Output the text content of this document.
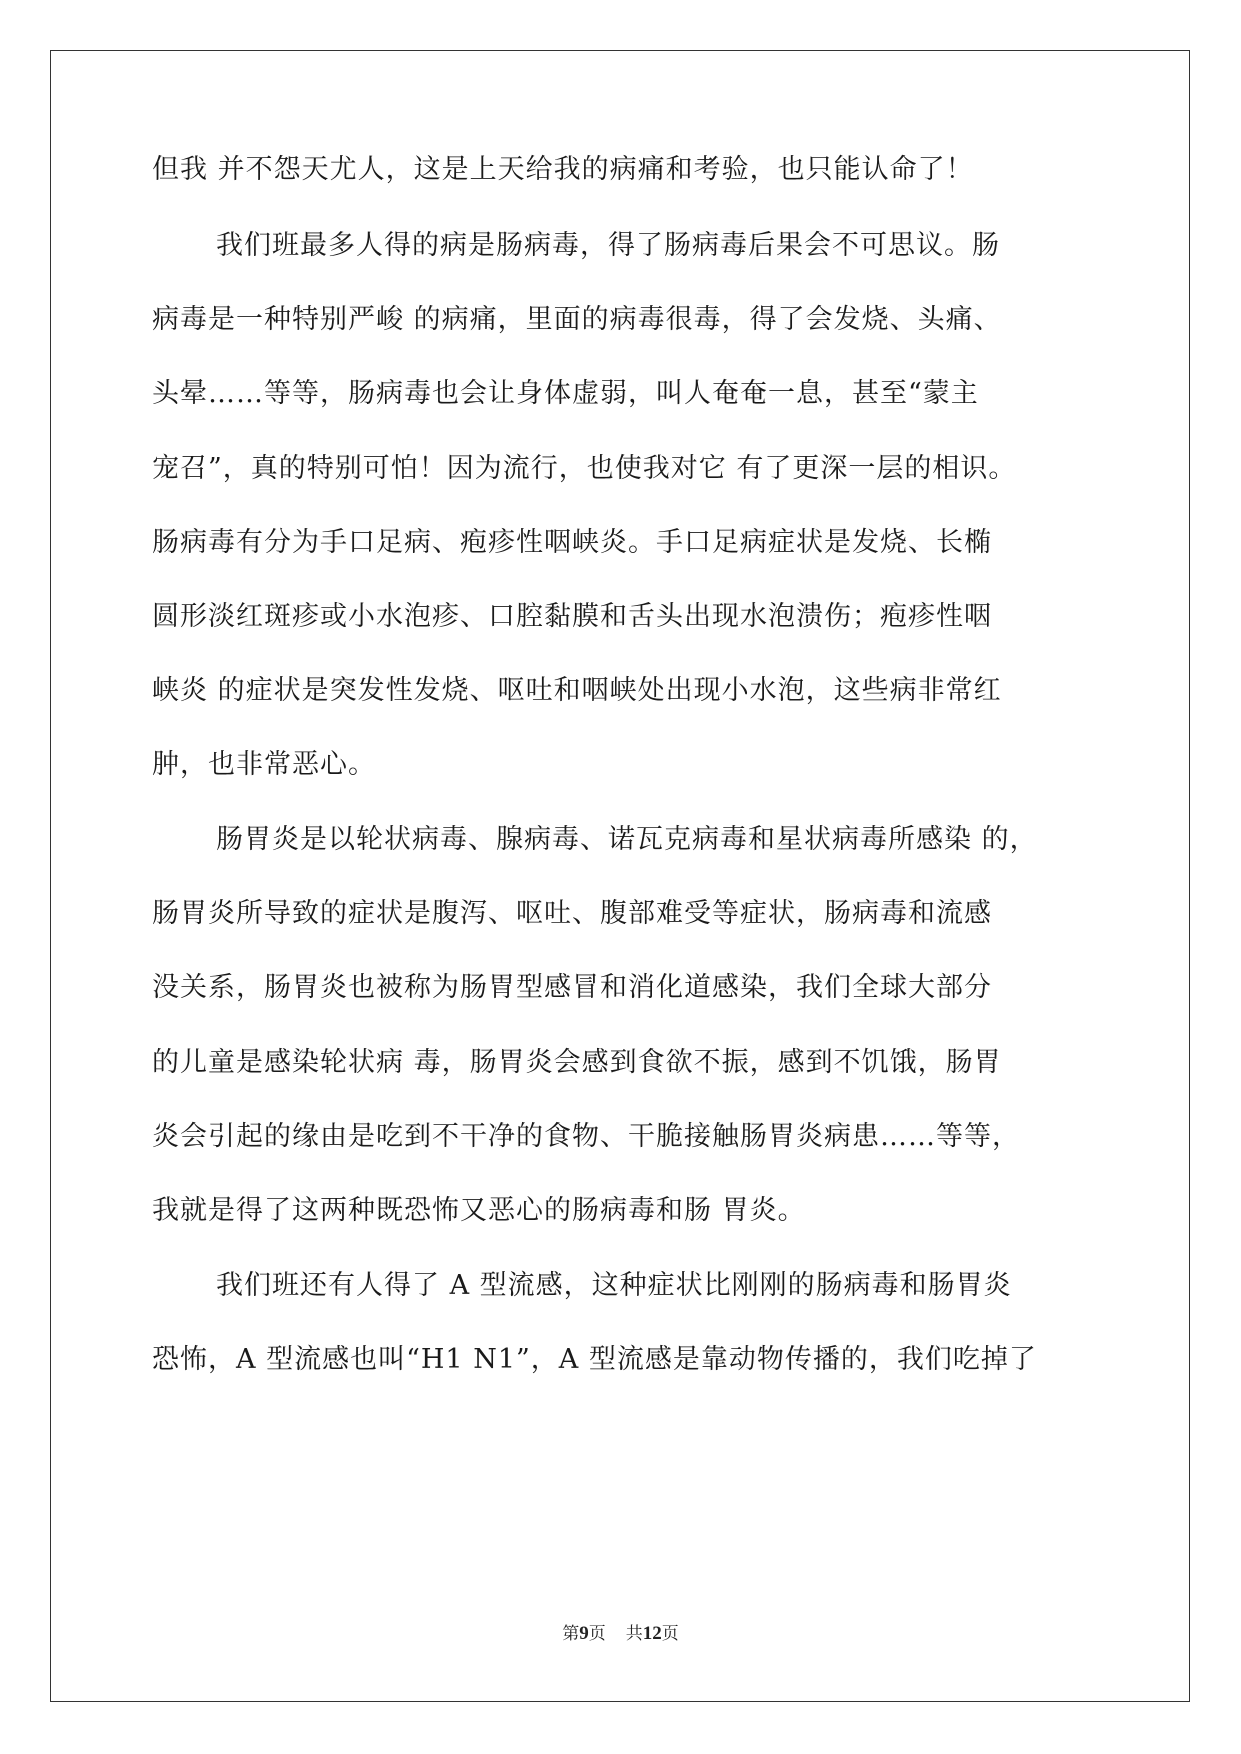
但我 并不怨天尤人，这是上天给我的病痛和考验，也只能认命了！
我们班最多人得的病是肠病毒，得了肠病毒后果会不可思议。肠
病毒是一种特别严峻 的病痛，里面的病毒很毒，得了会发烧、头痛、
头晕……等等，肠病毒也会让身体虚弱，叫人奄奄一息，甚至“蒙主
宠召”，真的特别可怕！因为流行，也使我对它 有了更深一层的相识。
肠病毒有分为手口足病、疱疹性咽峡炎。手口足病症状是发烧、长椭
圆形淡红斑疹或小水泡疹、口腔黏膜和舌头出现水泡溃伤；疱疹性咽
峡炎 的症状是突发性发烧、呕吐和咽峡处出现小水泡，这些病非常红
肿，也非常恶心。
肠胃炎是以轮状病毒、腺病毒、诺瓦克病毒和星状病毒所感染 的，
肠胃炎所导致的症状是腹泻、呕吐、腹部难受等症状，肠病毒和流感
没关系，肠胃炎也被称为肠胃型感冒和消化道感染，我们全球大部分
的儿童是感染轮状病 毒，肠胃炎会感到食欲不振，感到不饥饿，肠胃
炎会引起的缘由是吃到不干净的食物、干脆接触肠胃炎病患……等等，
我就是得了这两种既恐怖又恶心的肠病毒和肠 胃炎。
我们班还有人得了 A 型流感，这种症状比刚刚的肠病毒和肠胃炎
恐怖，A 型流感也叫“H1 N1”，A 型流感是靠动物传播的，我们吃掉了
第9页 共12页
